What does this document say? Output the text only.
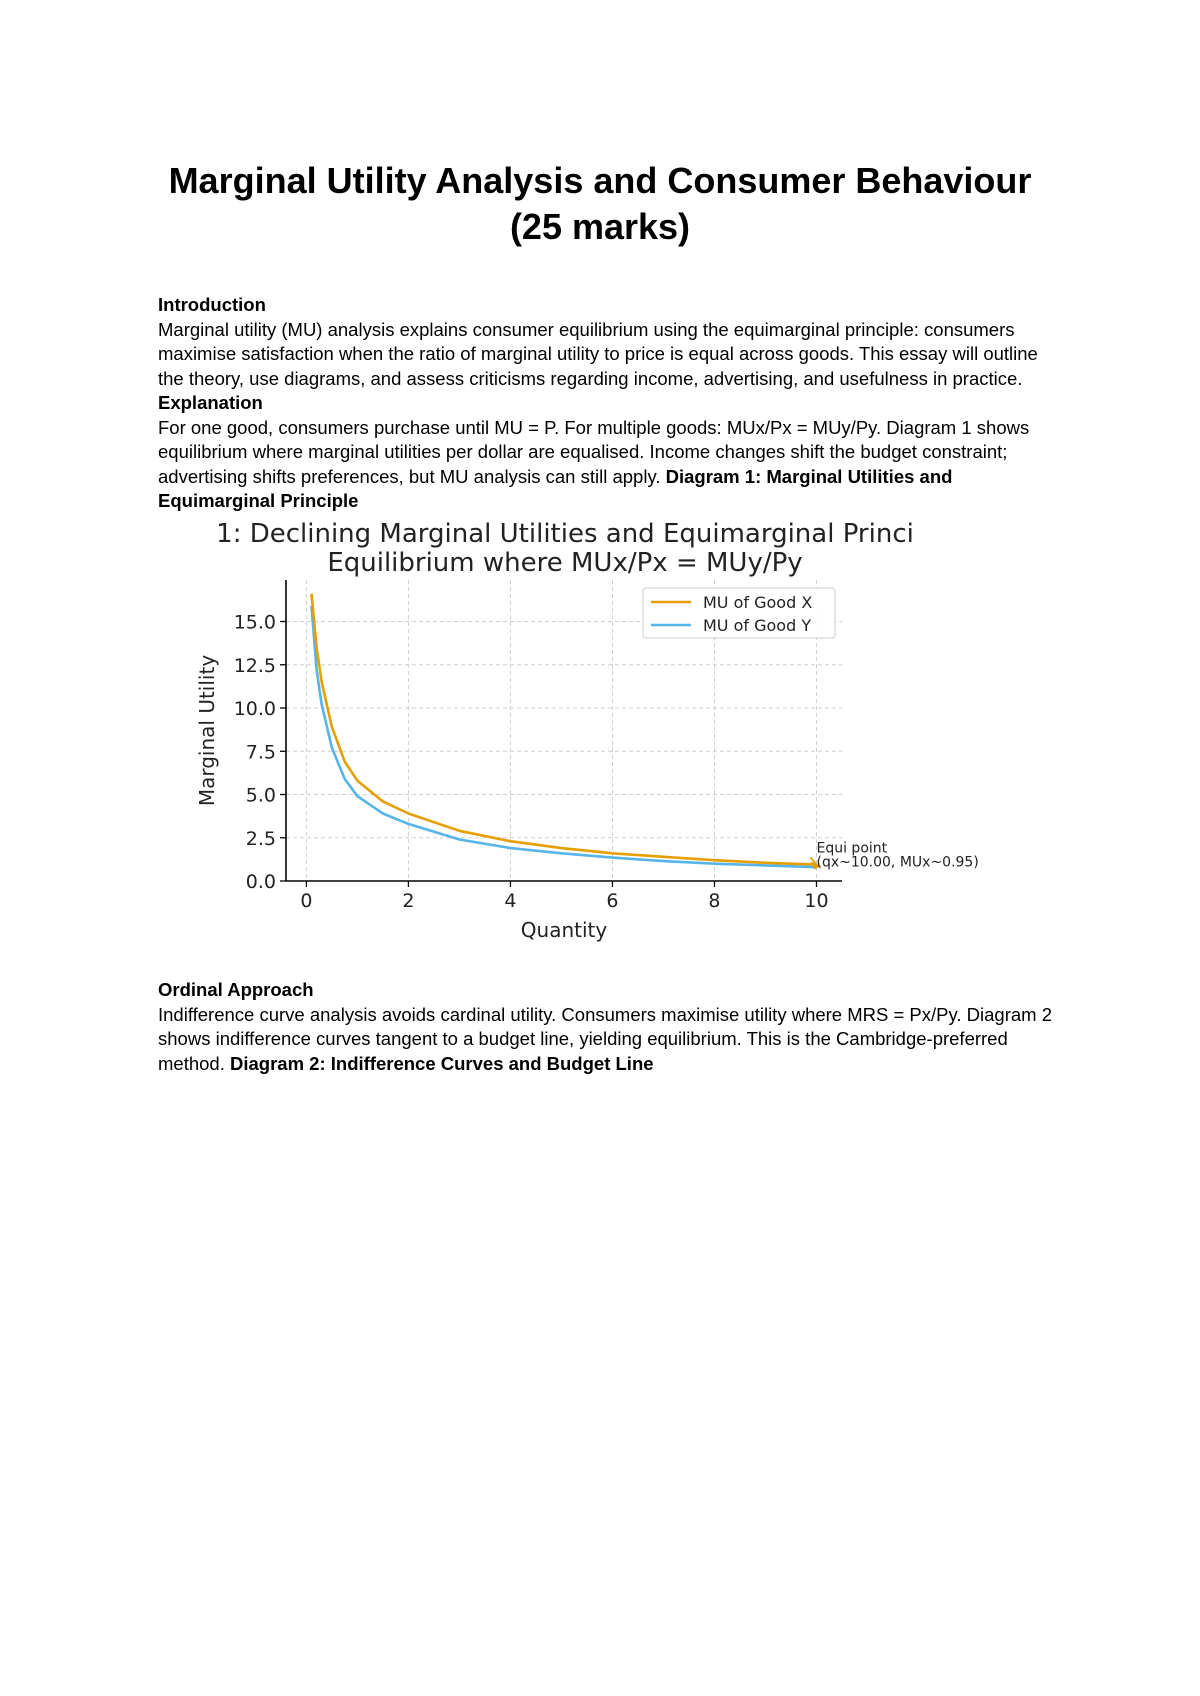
Marginal Utility Analysis and Consumer Behaviour
(25 marks)

Introduction

Marginal utility (MU) analysis explains consumer equilibrium using the equimarginal principle: consumers maximise satisfaction when the ratio of marginal utility to price is equal across goods. This essay will outline the theory, use diagrams, and assess criticisms regarding income, advertising, and usefulness in practice. Explanation

For one good, consumers purchase until MU = P. For multiple goods: MUx/Px = MUy/Py. Diagram 1 shows equilibrium where marginal utilities per dollar are equalised. Income changes shift the budget constraint; advertising shifts preferences, but MU analysis can still apply. Diagram 1: Marginal Utilities and Equimarginal Principle

Equi point
(qx~10.00, MUx~0.95)
MU of Good X
MU of Good Y
0	2	4	6	8	10
0.0
2.5
5.0
7.5
10.0
12.5
15.0
Quantity
Marginal Utility
1: Declining Marginal Utilities and Equimarginal Princi
Equilibrium where MUx/Px = MUy/Py

Ordinal Approach

Indifference curve analysis avoids cardinal utility. Consumers maximise utility where MRS = Px/Py. Diagram 2 shows indifference curves tangent to a budget line, yielding equilibrium. This is the Cambridge-preferred method. Diagram 2: Indifference Curves and Budget Line
